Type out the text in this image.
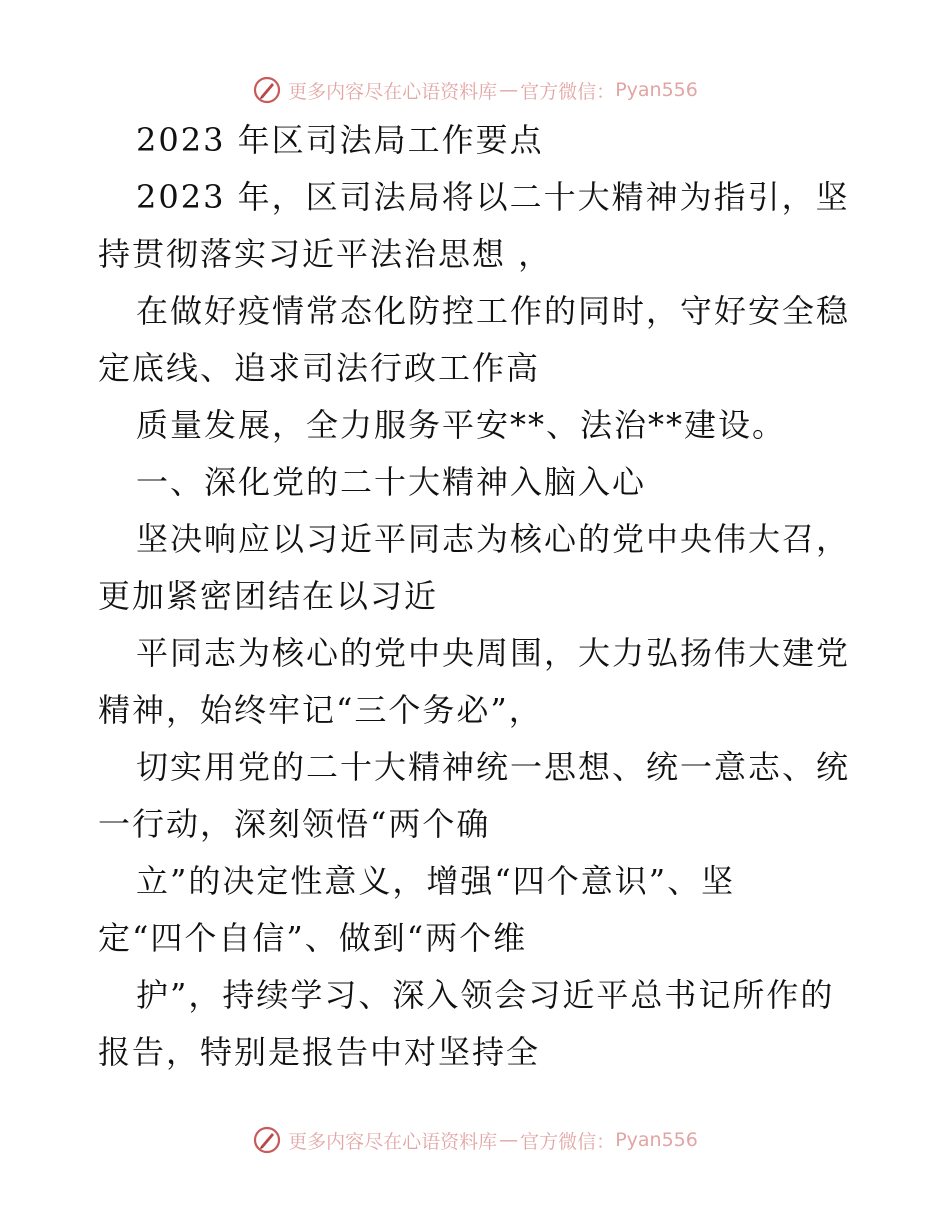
更多内容尽在心语资料库 — 官方微信： Pyan556
2023 年区司法局工作要点
2023 年，区司法局将以二十大精神为指引，坚
持贯彻落实习近平法治思想 ，
在做好疫情常态化防控工作的同时，守好安全稳
定底线、追求司法行政工作高
质量发展，全力服务平安**、法治**建设。
一、深化党的二十大精神入脑入心
坚决响应以习近平同志为核心的党中央伟大召，
更加紧密团结在以习近
平同志为核心的党中央周围，大力弘扬伟大建党
精神，始终牢记“三个务必”，
切实用党的二十大精神统一思想、统一意志、统
一行动，深刻领悟“两个确
立”的决定性意义，增强“四个意识”、坚
定“四个自信”、做到“两个维
护”，持续学习、深入领会习近平总书记所作的
报告，特别是报告中对坚持全
更多内容尽在心语资料库 — 官方微信： Pyan556
